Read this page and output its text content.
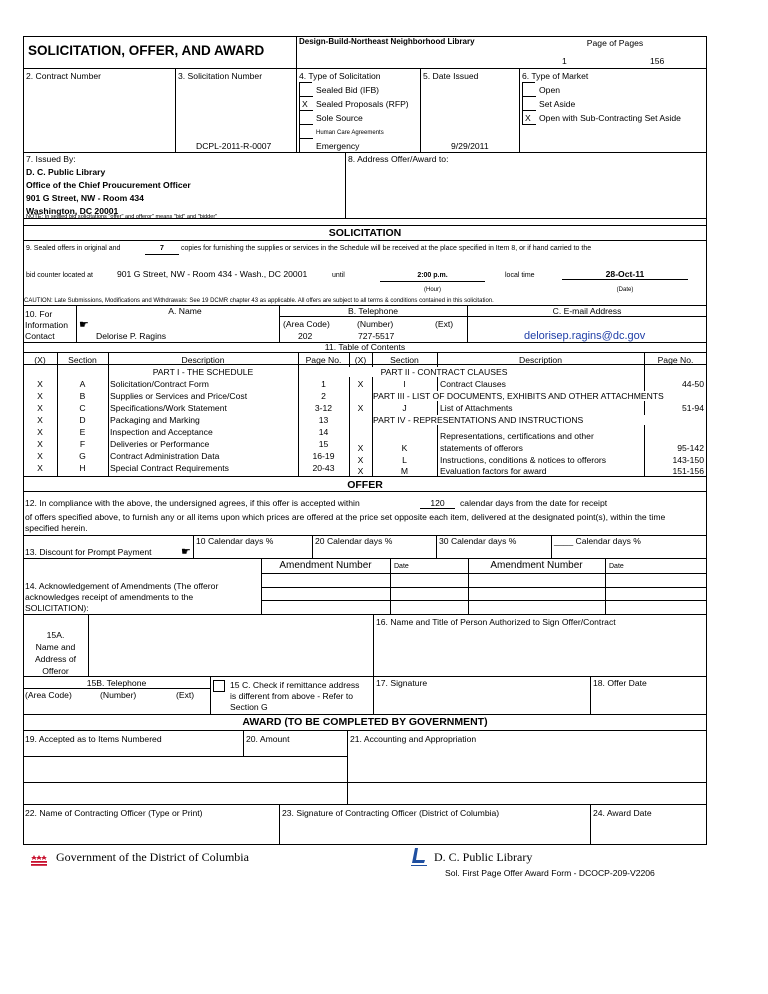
SOLICITATION, OFFER, AND AWARD
Design-Build-Northeast Neighborhood Library	Page of Pages
1	156
2. Contract Number	3. Solicitation Number
DCPL-2011-R-0007
4. Type of Solicitation
Sealed Bid (IFB)
X Sealed Proposals (RFP)
Sole Source
Human Care Agreements
Emergency
5. Date Issued
9/29/2011
6. Type of Market
Open
Set Aside
X Open with Sub-Contracting Set Aside
7. Issued By:
D. C. Public Library
Office of the Chief Proucurement Officer
901 G Street, NW - Room 434
Washington, DC 20001
8. Address Offer/Award to:
NOTE: In sealed bid solicitations "offer" and offeror" means "bid" and "bidder"
SOLICITATION
9. Sealed offers in original and	7	copies for furnishing the supplies or services in the Schedule will be received at the place specified in Item 8, or if hand carried to the
bid counter located at	901 G Street, NW - Room 434 - Wash., DC 20001	until	2:00 p.m.	local time	28-Oct-11
(Hour)	(Date)
CAUTION: Late Submissions, Modifications and Withdrawals: See 19 DCMR chapter 43 as applicable. All offers are subject to all terms & conditions contained in this solicitation.
10. For
Information
Contact
☛
A. Name
Delorise P. Ragins
B. Telephone
(Area Code)	(Number)	(Ext)
202	727-5517
C. E-mail Address
delorisep.ragins@dc.gov
11. Table of Contents
(X)	Section	Description	Page No.	(X)	Section	Description	Page No.
PART I - THE SCHEDULE
X	A	Solicitation/Contract Form	1
X	B	Supplies or Services and Price/Cost	2
X	C	Specifications/Work Statement	3-12
X	D	Packaging and Marking	13
X	E	Inspection and Acceptance	14
X	F	Deliveries or Performance	15
X	G	Contract Administration Data	16-19
X	H	Special Contract Requirements	20-43
PART II - CONTRACT CLAUSES
X	I	Contract Clauses	44-50
PART III - LIST OF DOCUMENTS, EXHIBITS AND OTHER ATTACHMENTS
X	J	List of Attachments	51-94
PART IV - REPRESENTATIONS AND INSTRUCTIONS
Representations, certifications and other
X	K	statements of offerors	95-142
X	L	Instructions, conditions & notices to offerors	143-150
X	M	Evaluation factors for award	151-156
OFFER
12. In compliance with the above, the undersigned agrees, if this offer is accepted within	120	calendar days from the date for receipt
of offers specified above, to furnish any or all items upon which prices are offered at the price set opposite each item, delivered at the designated point(s), within the time
specified herein.
13. Discount for Prompt Payment	☛
10 Calendar days %	20 Calendar days %	30 Calendar days %	____ Calendar days %
Amendment Number	Date	Amendment Number	Date
14. Acknowledgement of Amendments (The offeror
acknowledges receipt of amendments to the
SOLICITATION):
15A.
Name and
Address of
Offeror
16. Name and Title of Person Authorized to Sign Offer/Contract
15B. Telephone
(Area Code)	(Number)	(Ext)
15 C. Check if remittance address
is different from above - Refer to
Section G
17. Signature	18. Offer Date
AWARD (TO BE COMPLETED BY GOVERNMENT)
19. Accepted as to Items Numbered	20. Amount	21. Accounting and Appropriation
22. Name of Contracting Officer (Type or Print)	23. Signature of Contracting Officer (District of Columbia)	24. Award Date
Government of the District of Columbia	D. C. Public Library
Sol. First Page Offer Award Form - DCOCP-209-V2206
